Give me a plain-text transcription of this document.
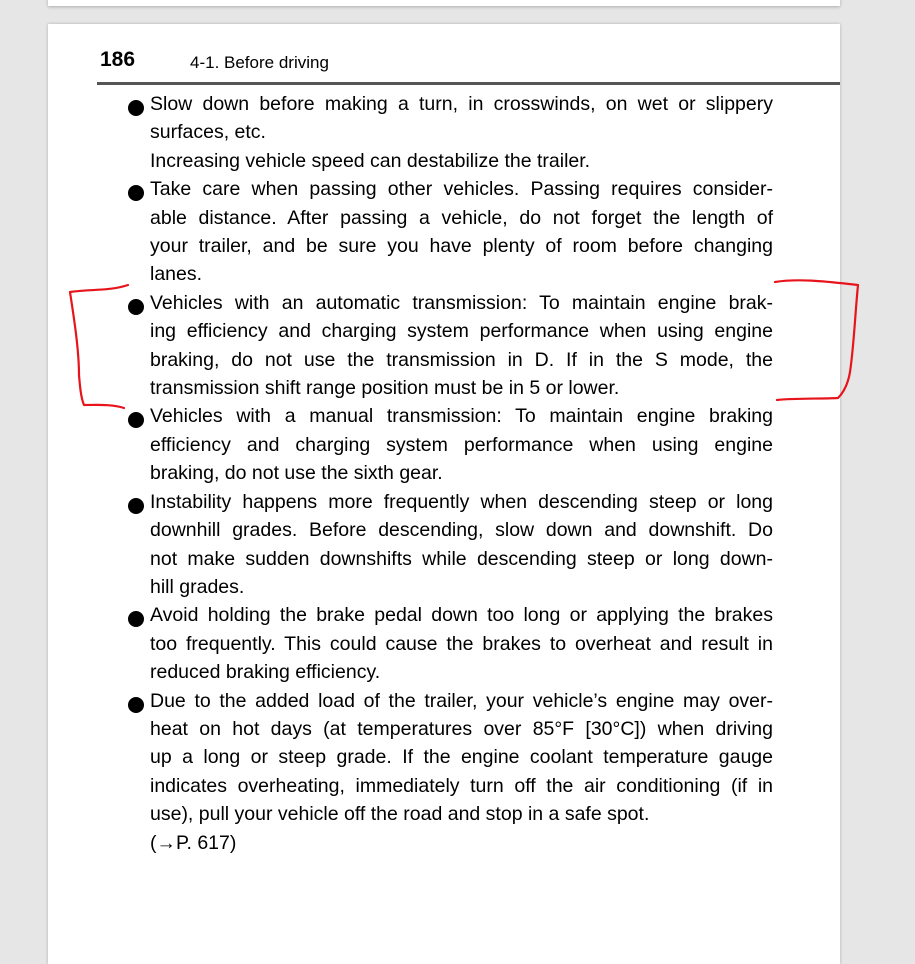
186	4-1. Before driving
Slow down before making a turn, in crosswinds, on wet or slippery
surfaces, etc.
Increasing vehicle speed can destabilize the trailer.
Take care when passing other vehicles. Passing requires consider-
able distance. After passing a vehicle, do not forget the length of
your trailer, and be sure you have plenty of room before changing
lanes.
Vehicles with an automatic transmission: To maintain engine brak-
ing efficiency and charging system performance when using engine
braking, do not use the transmission in D. If in the S mode, the
transmission shift range position must be in 5 or lower.
Vehicles with a manual transmission: To maintain engine braking
efficiency and charging system performance when using engine
braking, do not use the sixth gear.
Instability happens more frequently when descending steep or long
downhill grades. Before descending, slow down and downshift. Do
not make sudden downshifts while descending steep or long down-
hill grades.
Avoid holding the brake pedal down too long or applying the brakes
too frequently. This could cause the brakes to overheat and result in
reduced braking efficiency.
Due to the added load of the trailer, your vehicle’s engine may over-
heat on hot days (at temperatures over 85°F [30°C]) when driving
up a long or steep grade. If the engine coolant temperature gauge
indicates overheating, immediately turn off the air conditioning (if in
use), pull your vehicle off the road and stop in a safe spot.
(→P. 617)
